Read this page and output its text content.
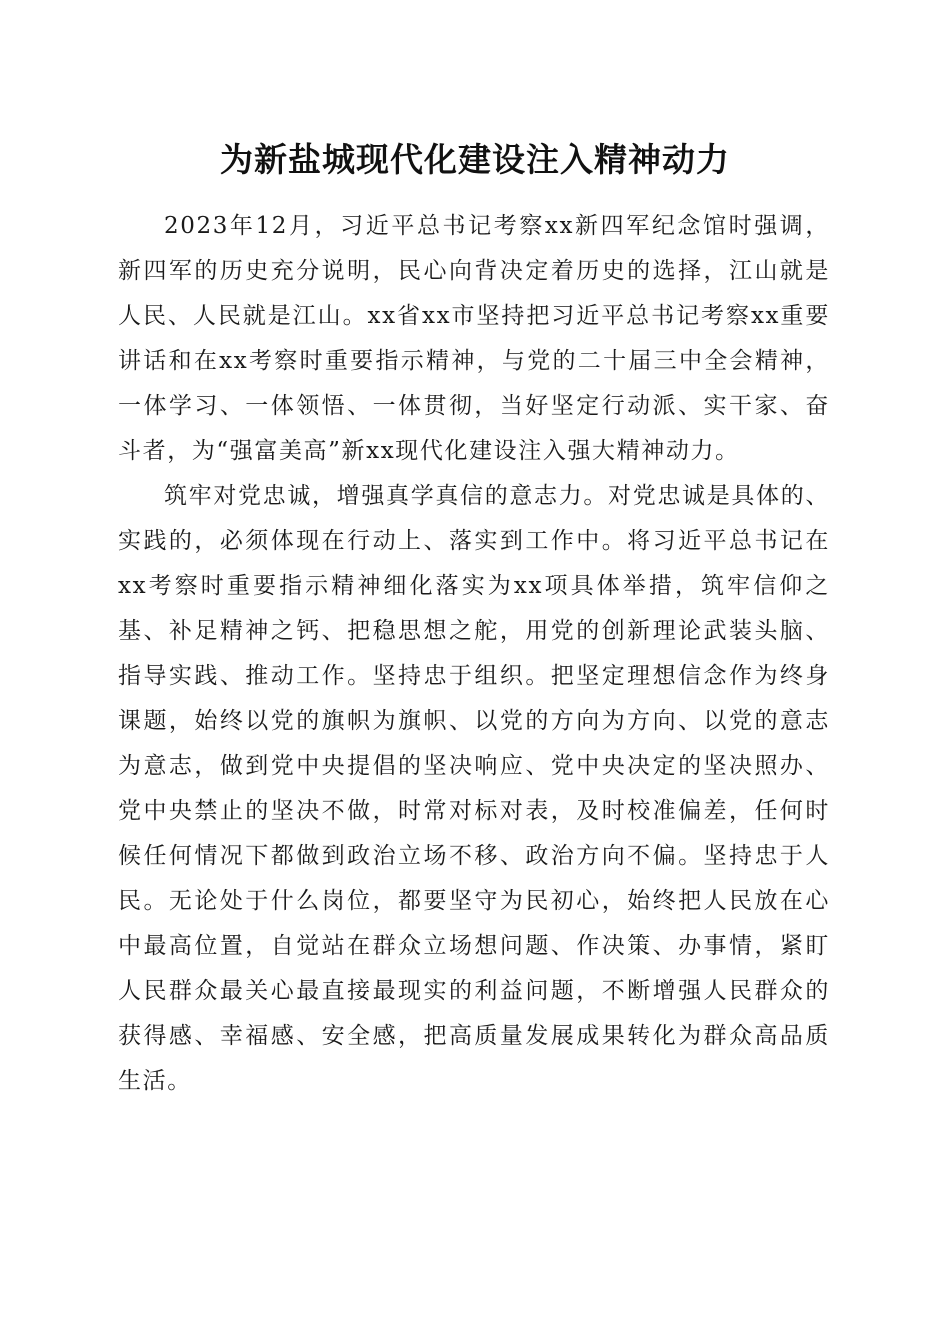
为新盐城现代化建设注入精神动力

2023年12月，习近平总书记考察xx新四军纪念馆时强调，新四军的历史充分说明，民心向背决定着历史的选择，江山就是人民、人民就是江山。xx省xx市坚持把习近平总书记考察xx重要讲话和在xx考察时重要指示精神，与党的二十届三中全会精神，一体学习、一体领悟、一体贯彻，当好坚定行动派、实干家、奋斗者，为“强富美高”新xx现代化建设注入强大精神动力。

筑牢对党忠诚，增强真学真信的意志力。对党忠诚是具体的、实践的，必须体现在行动上、落实到工作中。将习近平总书记在xx考察时重要指示精神细化落实为xx项具体举措，筑牢信仰之基、补足精神之钙、把稳思想之舵，用党的创新理论武装头脑、指导实践、推动工作。坚持忠于组织。把坚定理想信念作为终身课题，始终以党的旗帜为旗帜、以党的方向为方向、以党的意志为意志，做到党中央提倡的坚决响应、党中央决定的坚决照办、党中央禁止的坚决不做，时常对标对表，及时校准偏差，任何时候任何情况下都做到政治立场不移、政治方向不偏。坚持忠于人民。无论处于什么岗位，都要坚守为民初心，始终把人民放在心中最高位置，自觉站在群众立场想问题、作决策、办事情，紧盯人民群众最关心最直接最现实的利益问题，不断增强人民群众的获得感、幸福感、安全感，把高质量发展成果转化为群众高品质生活。
